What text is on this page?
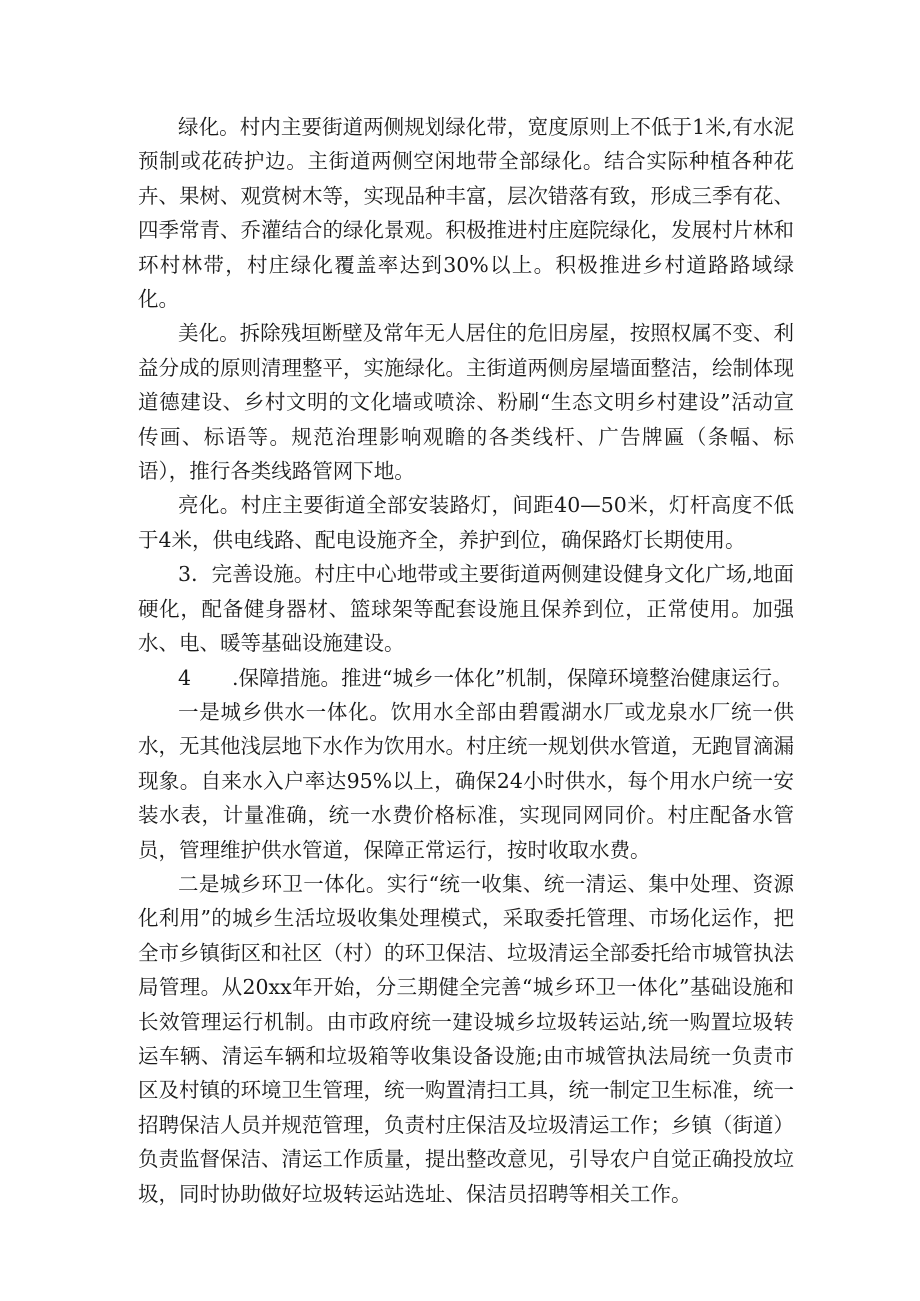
绿化。村内主要街道两侧规划绿化带，宽度原则上不低于1米,有水泥预制或花砖护边。主街道两侧空闲地带全部绿化。结合实际种植各种花卉、果树、观赏树木等，实现品种丰富，层次错落有致，形成三季有花、四季常青、乔灌结合的绿化景观。积极推进村庄庭院绿化，发展村片林和环村林带，村庄绿化覆盖率达到30%以上。积极推进乡村道路路域绿化。

美化。拆除残垣断壁及常年无人居住的危旧房屋，按照权属不变、利益分成的原则清理整平，实施绿化。主街道两侧房屋墙面整洁，绘制体现道德建设、乡村文明的文化墙或喷涂、粉刷“生态文明乡村建设”活动宣传画、标语等。规范治理影响观瞻的各类线杆、广告牌匾（条幅、标语），推行各类线路管网下地。

亮化。村庄主要街道全部安装路灯，间距40—50米，灯杆高度不低于4米，供电线路、配电设施齐全，养护到位，确保路灯长期使用。

3．完善设施。村庄中心地带或主要街道两侧建设健身文化广场,地面硬化，配备健身器材、篮球架等配套设施且保养到位，正常使用。加强水、电、暖等基础设施建设。

4　　.保障措施。推进“城乡一体化”机制，保障环境整治健康运行。

一是城乡供水一体化。饮用水全部由碧霞湖水厂或龙泉水厂统一供水，无其他浅层地下水作为饮用水。村庄统一规划供水管道，无跑冒滴漏现象。自来水入户率达95%以上，确保24小时供水，每个用水户统一安装水表，计量准确，统一水费价格标准，实现同网同价。村庄配备水管员，管理维护供水管道，保障正常运行，按时收取水费。

二是城乡环卫一体化。实行“统一收集、统一清运、集中处理、资源化利用”的城乡生活垃圾收集处理模式，采取委托管理、市场化运作，把全市乡镇街区和社区（村）的环卫保洁、垃圾清运全部委托给市城管执法局管理。从20xx年开始，分三期健全完善“城乡环卫一体化”基础设施和长效管理运行机制。由市政府统一建设城乡垃圾转运站,统一购置垃圾转运车辆、清运车辆和垃圾箱等收集设备设施;由市城管执法局统一负责市区及村镇的环境卫生管理，统一购置清扫工具，统一制定卫生标准，统一招聘保洁人员并规范管理，负责村庄保洁及垃圾清运工作；乡镇（街道）负责监督保洁、清运工作质量，提出整改意见，引导农户自觉正确投放垃圾，同时协助做好垃圾转运站选址、保洁员招聘等相关工作。
